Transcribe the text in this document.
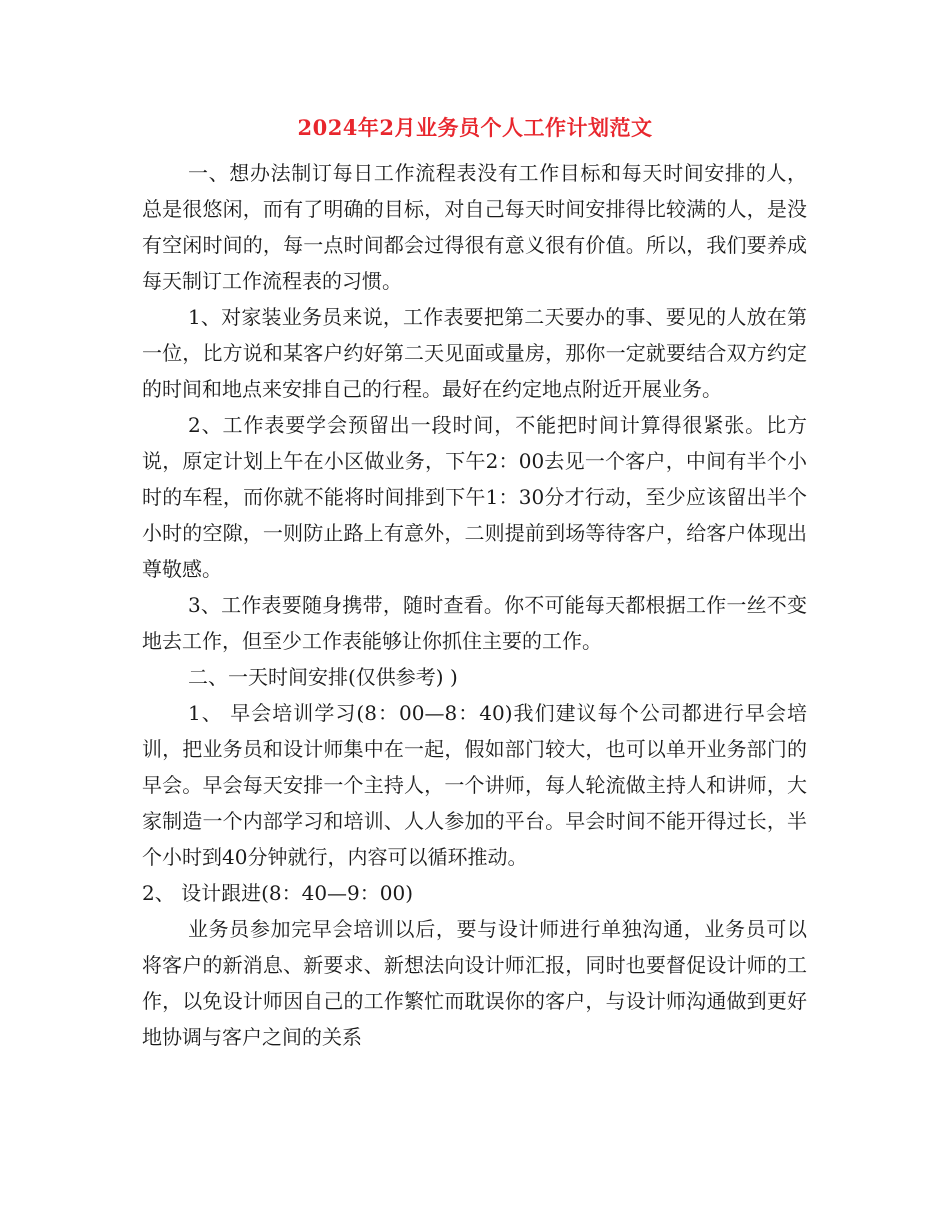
2024年2月业务员个人工作计划范文

一、想办法制订每日工作流程表没有工作目标和每天时间安排的人，总是很悠闲，而有了明确的目标，对自己每天时间安排得比较满的人，是没有空闲时间的，每一点时间都会过得很有意义很有价值。所以，我们要养成每天制订工作流程表的习惯。

1、对家装业务员来说，工作表要把第二天要办的事、要见的人放在第一位，比方说和某客户约好第二天见面或量房，那你一定就要结合双方约定的时间和地点来安排自己的行程。最好在约定地点附近开展业务。

2、工作表要学会预留出一段时间，不能把时间计算得很紧张。比方说，原定计划上午在小区做业务，下午2：00去见一个客户，中间有半个小时的车程，而你就不能将时间排到下午1：30分才行动，至少应该留出半个小时的空隙，一则防止路上有意外，二则提前到场等待客户，给客户体现出尊敬感。

3、工作表要随身携带，随时查看。你不可能每天都根据工作一丝不变地去工作，但至少工作表能够让你抓住主要的工作。

二、一天时间安排(仅供参考) )

1、 早会培训学习(8：00—8：40)我们建议每个公司都进行早会培训，把业务员和设计师集中在一起，假如部门较大，也可以单开业务部门的早会。早会每天安排一个主持人，一个讲师，每人轮流做主持人和讲师，大家制造一个内部学习和培训、人人参加的平台。早会时间不能开得过长，半个小时到40分钟就行，内容可以循环推动。

2、 设计跟进(8：40—9：00)

业务员参加完早会培训以后，要与设计师进行单独沟通，业务员可以将客户的新消息、新要求、新想法向设计师汇报，同时也要督促设计师的工作，以免设计师因自己的工作繁忙而耽误你的客户，与设计师沟通做到更好地协调与客户之间的关系
